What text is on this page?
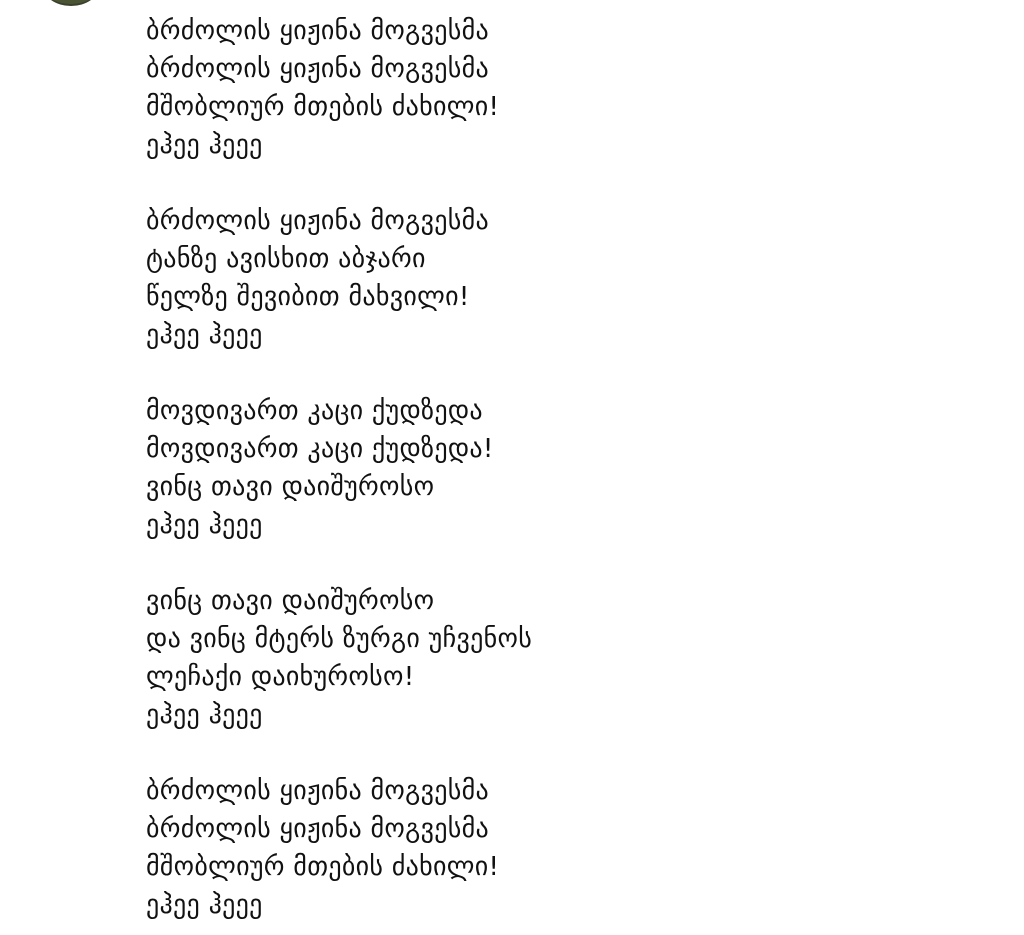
ბრძოლის ყიჟინა მოგვესმა
ბრძოლის ყიჟინა მოგვესმა
მშობლიურ მთების ძახილი!
ეჰეე ჰეეე
ბრძოლის ყიჟინა მოგვესმა
ტანზე ავისხით აბჯარი
წელზე შევიბით მახვილი!
ეჰეე ჰეეე
მოვდივართ კაცი ქუდზედა
მოვდივართ კაცი ქუდზედა!
ვინც თავი დაიშუროსო
ეჰეე ჰეეე
ვინც თავი დაიშუროსო
და ვინც მტერს ზურგი უჩვენოს
ლეჩაქი დაიხუროსო!
ეჰეე ჰეეე
ბრძოლის ყიჟინა მოგვესმა
ბრძოლის ყიჟინა მოგვესმა
მშობლიურ მთების ძახილი!
ეჰეე ჰეეე
